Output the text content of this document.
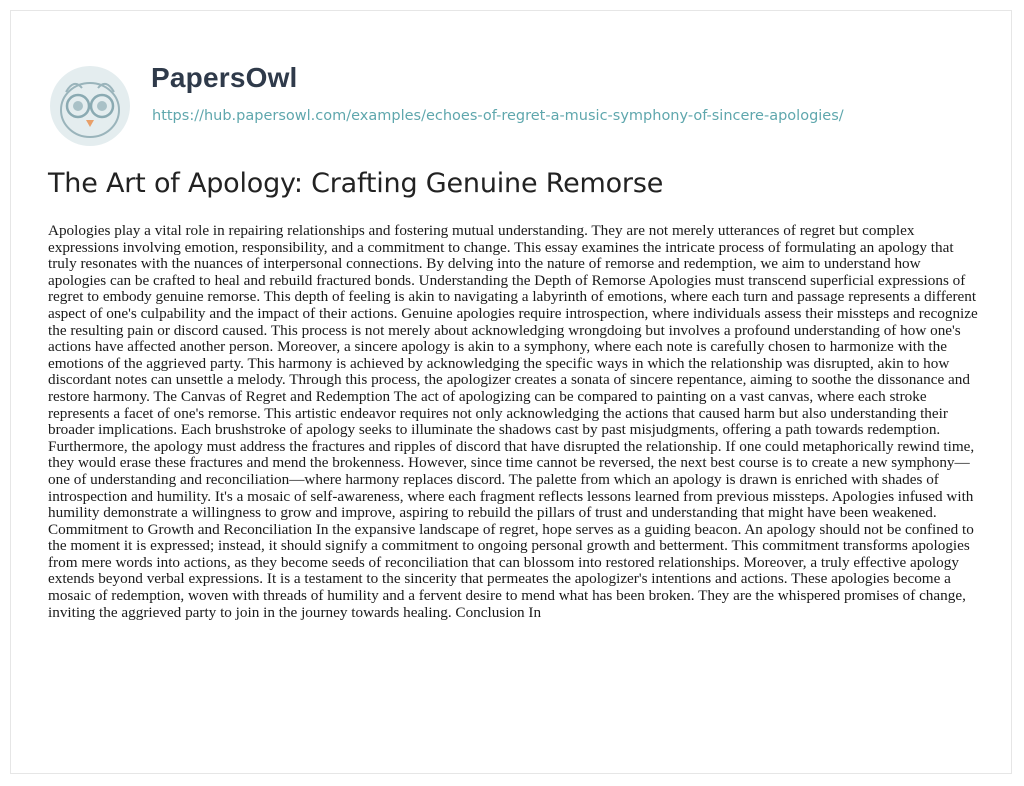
PapersOwl
https://hub.papersowl.com/examples/echoes-of-regret-a-music-symphony-of-sincere-apologies/
The Art of Apology: Crafting Genuine Remorse

Apologies play a vital role in repairing relationships and fostering mutual understanding. They are not merely utterances of regret but complex expressions involving emotion, responsibility, and a commitment to change. This essay examines the intricate process of formulating an apology that truly resonates with the nuances of interpersonal connections. By delving into the nature of remorse and redemption, we aim to understand how apologies can be crafted to heal and rebuild fractured bonds. Understanding the Depth of Remorse Apologies must transcend superficial expressions of regret to embody genuine remorse. This depth of feeling is akin to navigating a labyrinth of emotions, where each turn and passage represents a different aspect of one's culpability and the impact of their actions. Genuine apologies require introspection, where individuals assess their missteps and recognize the resulting pain or discord caused. This process is not merely about acknowledging wrongdoing but involves a profound understanding of how one's actions have affected another person. Moreover, a sincere apology is akin to a symphony, where each note is carefully chosen to harmonize with the emotions of the aggrieved party. This harmony is achieved by acknowledging the specific ways in which the relationship was disrupted, akin to how discordant notes can unsettle a melody. Through this process, the apologizer creates a sonata of sincere repentance, aiming to soothe the dissonance and restore harmony. The Canvas of Regret and Redemption The act of apologizing can be compared to painting on a vast canvas, where each stroke represents a facet of one's remorse. This artistic endeavor requires not only acknowledging the actions that caused harm but also understanding their broader implications. Each brushstroke of apology seeks to illuminate the shadows cast by past misjudgments, offering a path towards redemption. Furthermore, the apology must address the fractures and ripples of discord that have disrupted the relationship. If one could metaphorically rewind time, they would erase these fractures and mend the brokenness. However, since time cannot be reversed, the next best course is to create a new symphony—one of understanding and reconciliation—where harmony replaces discord. The palette from which an apology is drawn is enriched with shades of introspection and humility. It's a mosaic of self-awareness, where each fragment reflects lessons learned from previous missteps. Apologies infused with humility demonstrate a willingness to grow and improve, aspiring to rebuild the pillars of trust and understanding that might have been weakened. Commitment to Growth and Reconciliation In the expansive landscape of regret, hope serves as a guiding beacon. An apology should not be confined to the moment it is expressed; instead, it should signify a commitment to ongoing personal growth and betterment. This commitment transforms apologies from mere words into actions, as they become seeds of reconciliation that can blossom into restored relationships. Moreover, a truly effective apology extends beyond verbal expressions. It is a testament to the sincerity that permeates the apologizer's intentions and actions. These apologies become a mosaic of redemption, woven with threads of humility and a fervent desire to mend what has been broken. They are the whispered promises of change, inviting the aggrieved party to join in the journey towards healing. Conclusion In
